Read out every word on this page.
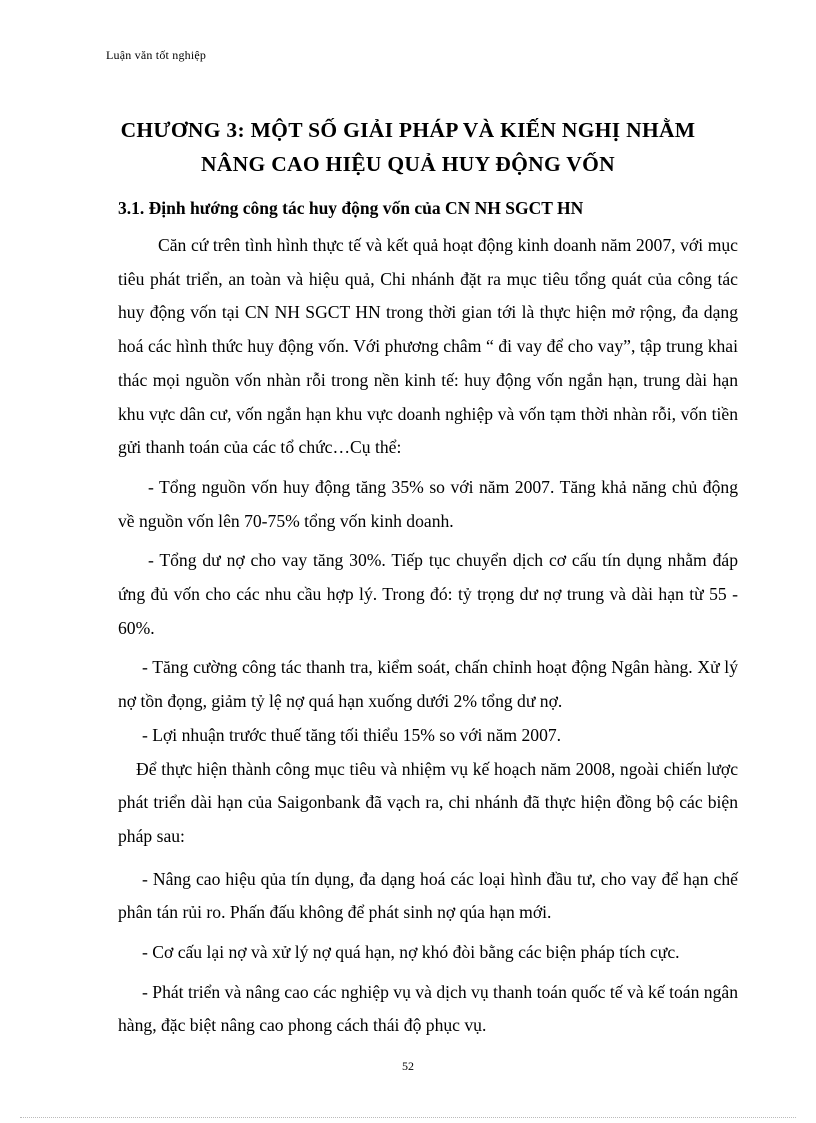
Luận văn tốt nghiệp
CHƯƠNG 3: MỘT SỐ GIẢI PHÁP VÀ KIẾN NGHỊ NHẰM
NÂNG CAO HIỆU QUẢ HUY ĐỘNG VỐN
3.1. Định hướng công tác huy động vốn của CN NH SGCT HN

Căn cứ trên tình hình thực tế và kết quả hoạt động kinh doanh năm 2007, với mục tiêu phát triển, an toàn và hiệu quả, Chi nhánh đặt ra mục tiêu tổng quát của công tác huy động vốn tại CN NH SGCT HN trong thời gian tới là thực hiện mở rộng, đa dạng hoá các hình thức huy động vốn. Với phương châm “ đi vay để cho vay”, tập trung khai thác mọi nguồn vốn nhàn rỗi trong nền kinh tế: huy động vốn ngắn hạn, trung dài hạn khu vực dân cư, vốn ngắn hạn khu vực doanh nghiệp và vốn tạm thời nhàn rỗi, vốn tiền gửi thanh toán của các tổ chức…Cụ thể:

- Tổng nguồn vốn huy động tăng 35% so với năm 2007. Tăng khả năng chủ động về nguồn vốn lên 70-75% tổng vốn kinh doanh.

- Tổng dư nợ cho vay tăng 30%. Tiếp tục chuyển dịch cơ cấu tín dụng nhằm đáp ứng đủ vốn cho các nhu cầu hợp lý. Trong đó: tỷ trọng dư nợ trung và dài hạn từ 55 - 60%.

- Tăng cường công tác thanh tra, kiểm soát, chấn chỉnh hoạt động Ngân hàng. Xử lý nợ tồn đọng, giảm tỷ lệ nợ quá hạn xuống dưới 2% tổng dư nợ.

- Lợi nhuận trước thuế tăng tối thiểu 15% so với năm 2007.

Để thực hiện thành công mục tiêu và nhiệm vụ kế hoạch năm 2008, ngoài chiến lược phát triển dài hạn của Saigonbank đã vạch ra, chi nhánh đã thực hiện đồng bộ các biện pháp sau:

- Nâng cao hiệu qủa tín dụng, đa dạng hoá các loại hình đầu tư, cho vay để hạn chế phân tán rủi ro. Phấn đấu không để phát sinh nợ qúa hạn mới.

- Cơ cấu lại nợ và xử lý nợ quá hạn, nợ khó đòi bằng các biện pháp tích cực.

- Phát triển và nâng cao các nghiệp vụ và dịch vụ thanh toán quốc tế và kế toán ngân hàng, đặc biệt nâng cao phong cách thái độ phục vụ.

52
